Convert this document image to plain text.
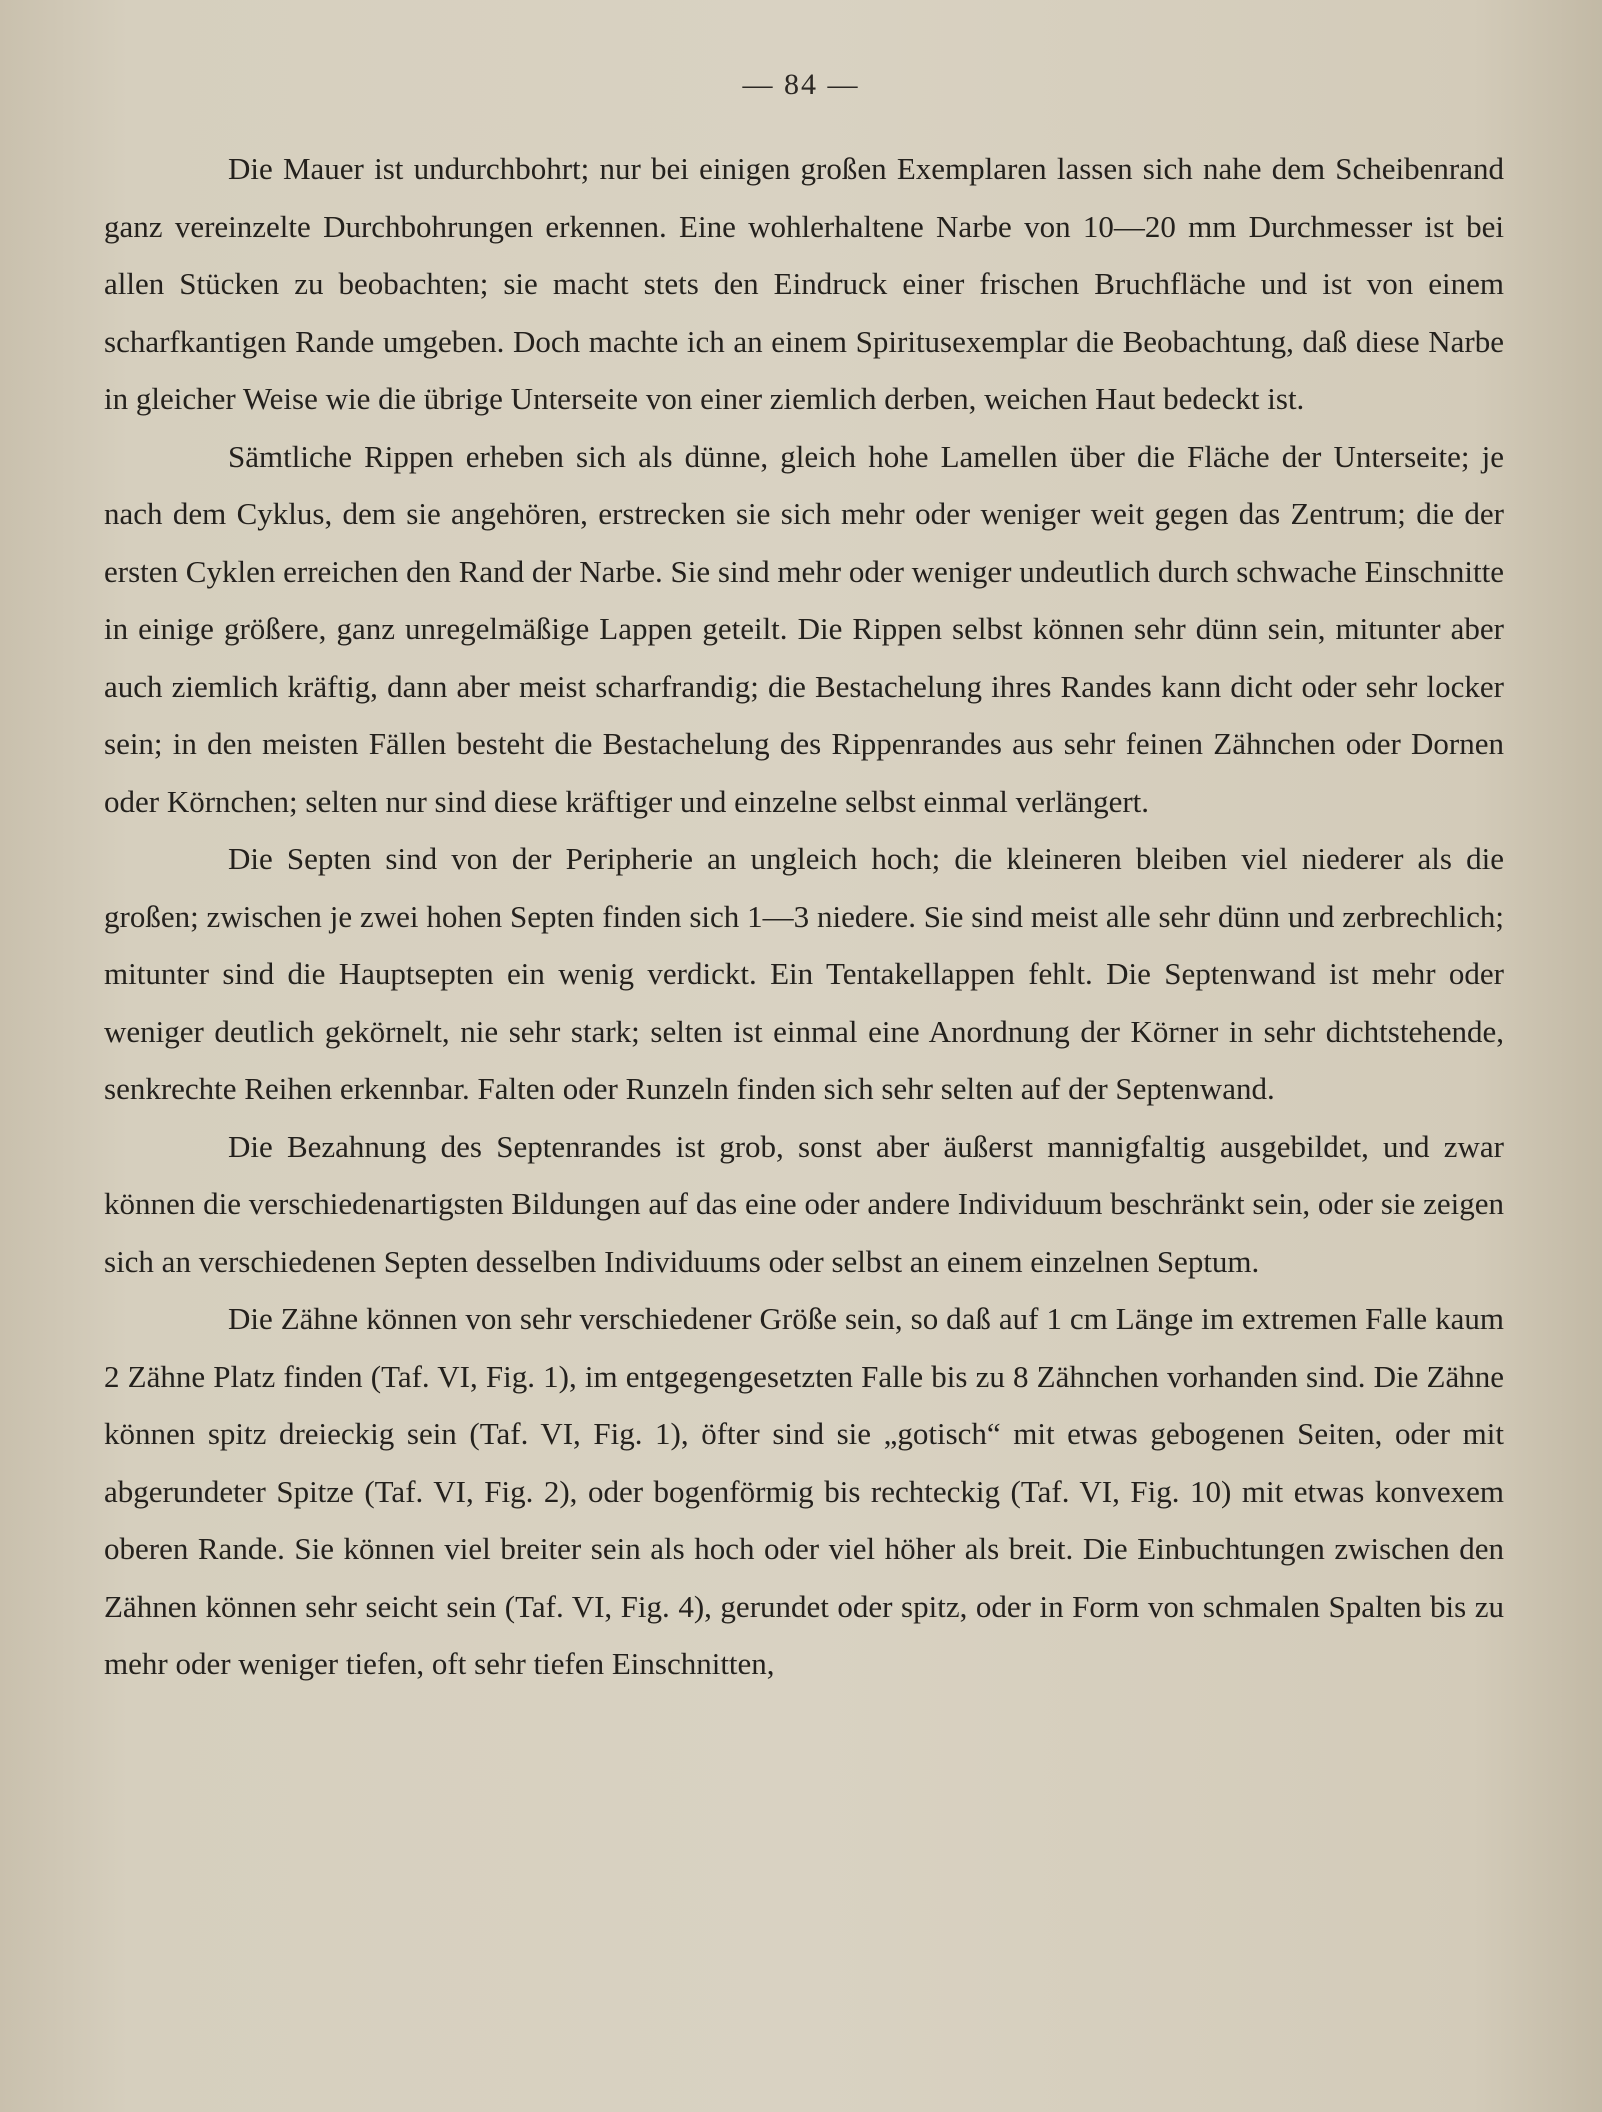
— 84 —

Die Mauer ist undurchbohrt; nur bei einigen großen Exemplaren lassen sich nahe dem Scheibenrand ganz vereinzelte Durchbohrungen erkennen. Eine wohlerhaltene Narbe von 10—20 mm Durchmesser ist bei allen Stücken zu beobachten; sie macht stets den Eindruck einer frischen Bruchfläche und ist von einem scharfkantigen Rande umgeben. Doch machte ich an einem Spiritusexemplar die Beobachtung, daß diese Narbe in gleicher Weise wie die übrige Unterseite von einer ziemlich derben, weichen Haut bedeckt ist.

Sämtliche Rippen erheben sich als dünne, gleich hohe Lamellen über die Fläche der Unterseite; je nach dem Cyklus, dem sie angehören, erstrecken sie sich mehr oder weniger weit gegen das Zentrum; die der ersten Cyklen erreichen den Rand der Narbe. Sie sind mehr oder weniger undeutlich durch schwache Einschnitte in einige größere, ganz unregelmäßige Lappen geteilt. Die Rippen selbst können sehr dünn sein, mitunter aber auch ziemlich kräftig, dann aber meist scharfrandig; die Bestachelung ihres Randes kann dicht oder sehr locker sein; in den meisten Fällen besteht die Bestachelung des Rippenrandes aus sehr feinen Zähnchen oder Dornen oder Körnchen; selten nur sind diese kräftiger und einzelne selbst einmal verlängert.

Die Septen sind von der Peripherie an ungleich hoch; die kleineren bleiben viel niederer als die großen; zwischen je zwei hohen Septen finden sich 1—3 niedere. Sie sind meist alle sehr dünn und zerbrechlich; mitunter sind die Hauptsepten ein wenig verdickt. Ein Tentakellappen fehlt. Die Septenwand ist mehr oder weniger deutlich gekörnelt, nie sehr stark; selten ist einmal eine Anordnung der Körner in sehr dichtstehende, senkrechte Reihen erkennbar. Falten oder Runzeln finden sich sehr selten auf der Septenwand.

Die Bezahnung des Septenrandes ist grob, sonst aber äußerst mannigfaltig ausgebildet, und zwar können die verschiedenartigsten Bildungen auf das eine oder andere Individuum beschränkt sein, oder sie zeigen sich an verschiedenen Septen desselben Individuums oder selbst an einem einzelnen Septum.

Die Zähne können von sehr verschiedener Größe sein, so daß auf 1 cm Länge im extremen Falle kaum 2 Zähne Platz finden (Taf. VI, Fig. 1), im entgegengesetzten Falle bis zu 8 Zähnchen vorhanden sind. Die Zähne können spitz dreieckig sein (Taf. VI, Fig. 1), öfter sind sie „gotisch“ mit etwas gebogenen Seiten, oder mit abgerundeter Spitze (Taf. VI, Fig. 2), oder bogenförmig bis rechteckig (Taf. VI, Fig. 10) mit etwas konvexem oberen Rande. Sie können viel breiter sein als hoch oder viel höher als breit. Die Einbuchtungen zwischen den Zähnen können sehr seicht sein (Taf. VI, Fig. 4), gerundet oder spitz, oder in Form von schmalen Spalten bis zu mehr oder weniger tiefen, oft sehr tiefen Einschnitten,
